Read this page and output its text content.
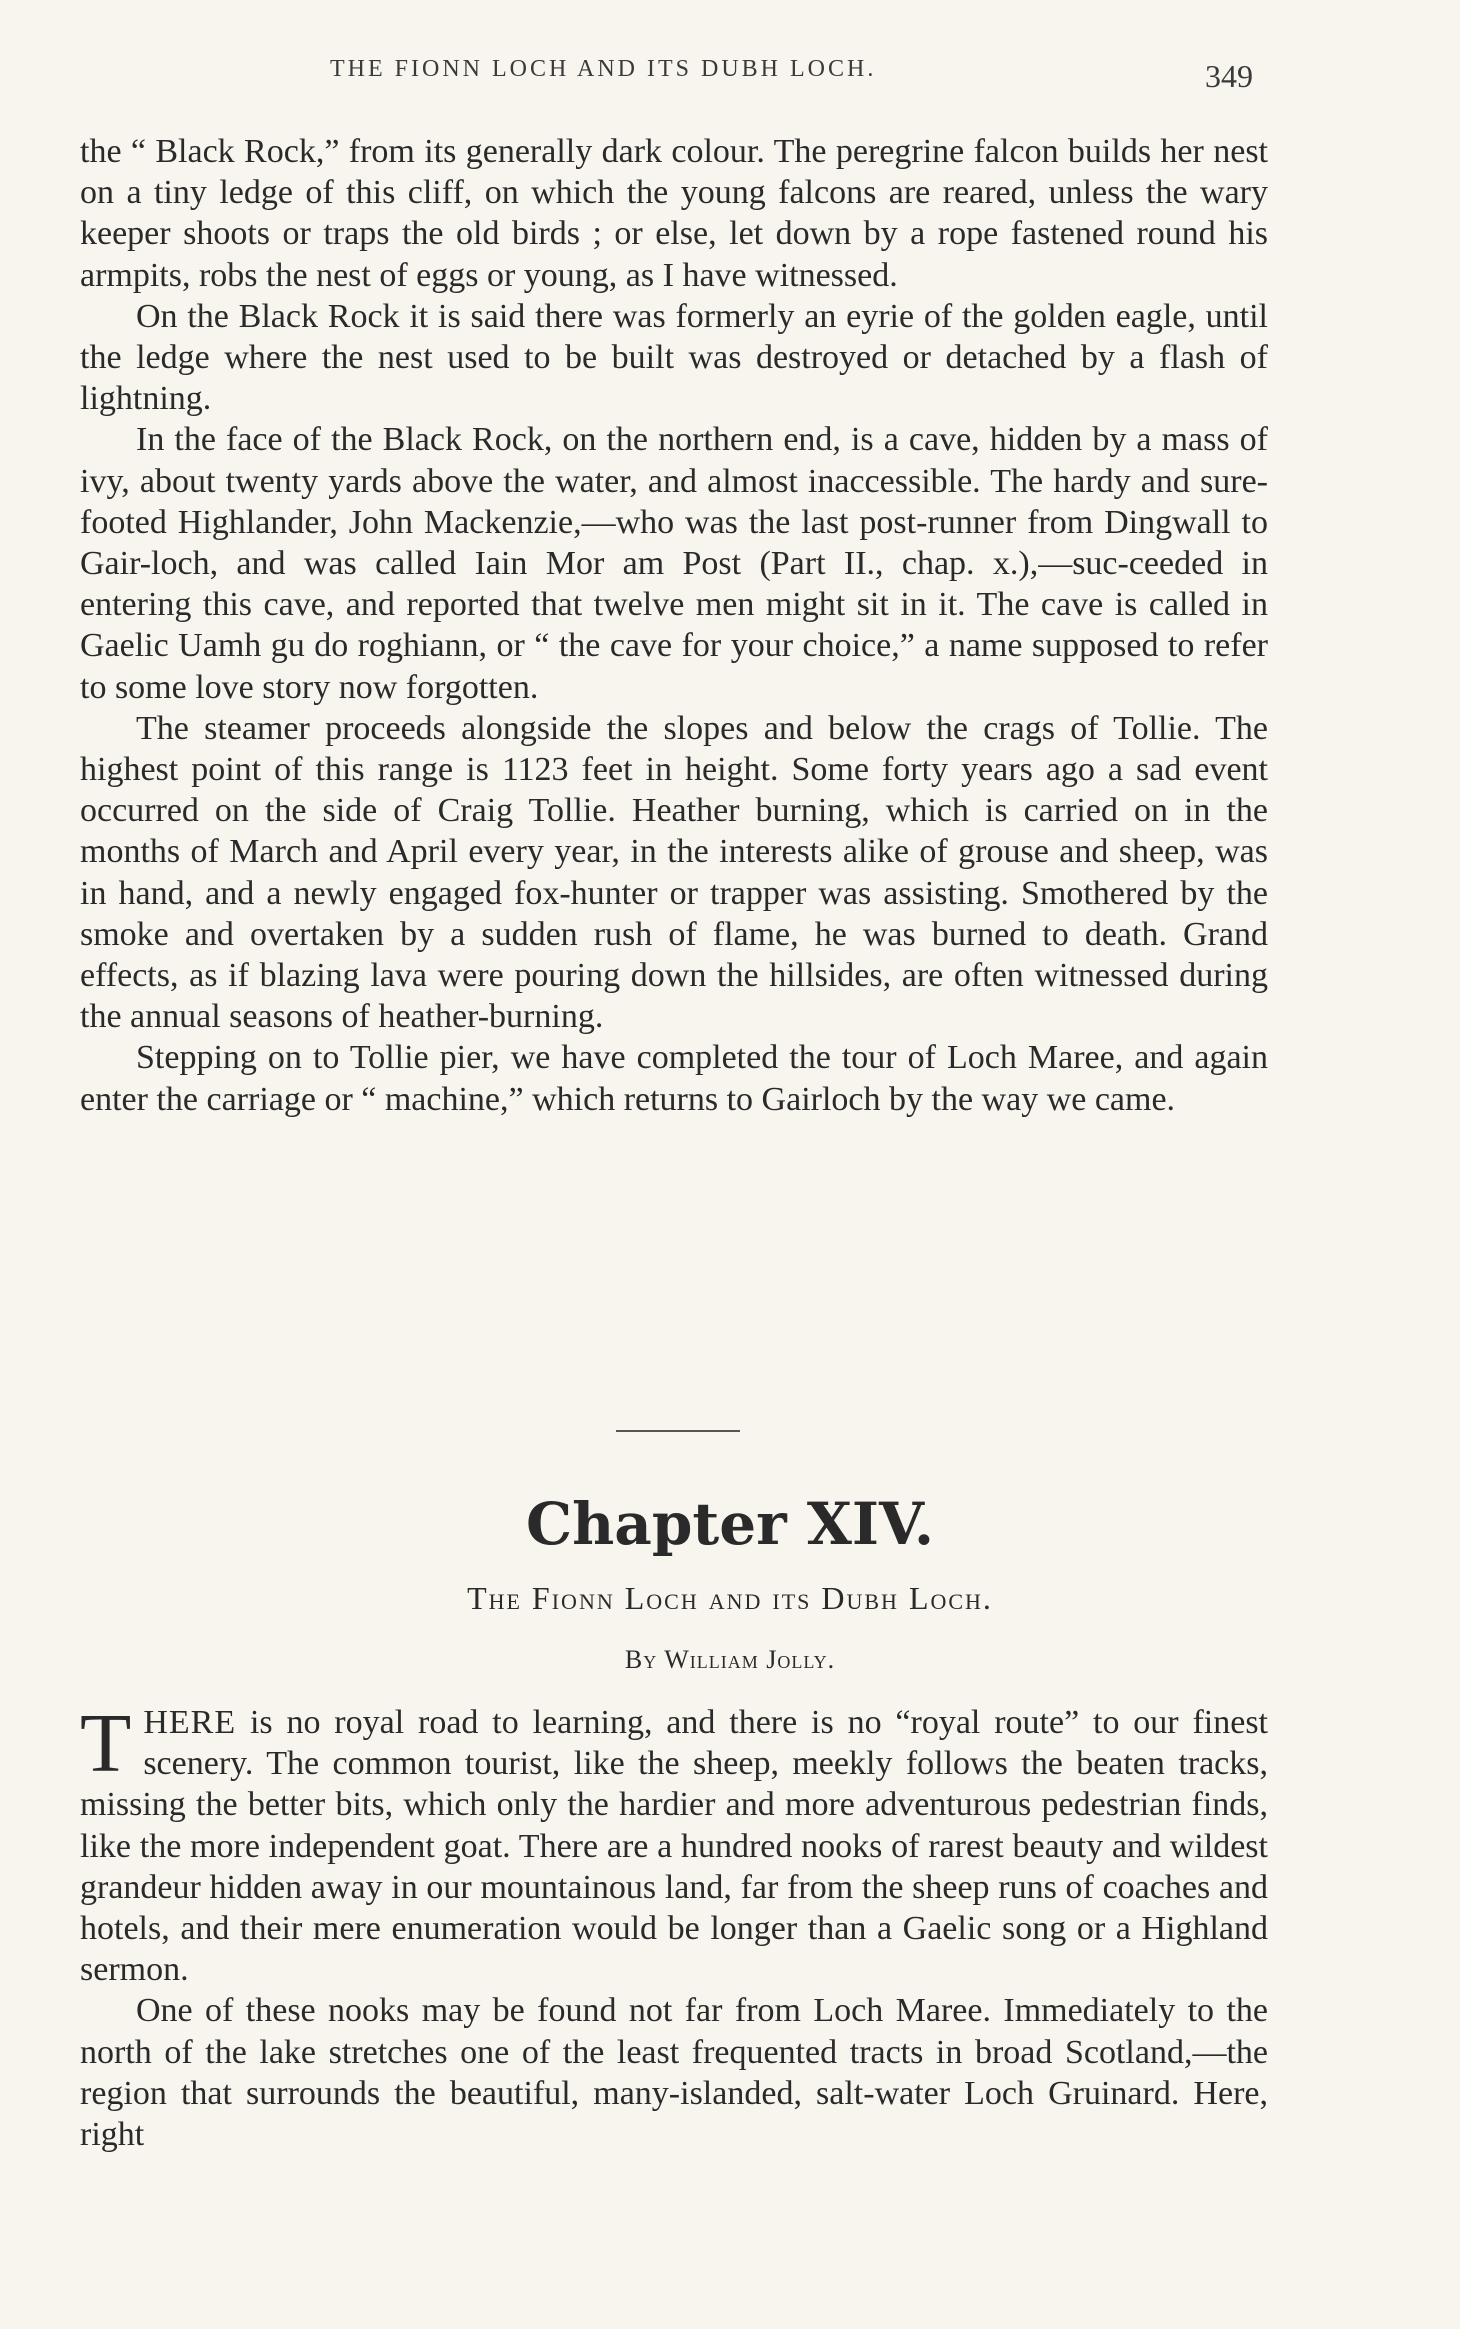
THE FIONN LOCH AND ITS DUBH LOCH.	349

the “ Black Rock,” from its generally dark colour. The peregrine falcon builds her nest on a tiny ledge of this cliff, on which the young falcons are reared, unless the wary keeper shoots or traps the old birds ; or else, let down by a rope fastened round his armpits, robs the nest of eggs or young, as I have witnessed.

On the Black Rock it is said there was formerly an eyrie of the golden eagle, until the ledge where the nest used to be built was destroyed or detached by a flash of lightning.

In the face of the Black Rock, on the northern end, is a cave, hidden by a mass of ivy, about twenty yards above the water, and almost inaccessible. The hardy and sure-footed Highlander, John Mackenzie,—who was the last post-runner from Dingwall to Gair-loch, and was called Iain Mor am Post (Part II., chap. x.),—suc-ceeded in entering this cave, and reported that twelve men might sit in it. The cave is called in Gaelic Uamh gu do roghiann, or “ the cave for your choice,” a name supposed to refer to some love story now forgotten.

The steamer proceeds alongside the slopes and below the crags of Tollie. The highest point of this range is 1123 feet in height. Some forty years ago a sad event occurred on the side of Craig Tollie. Heather burning, which is carried on in the months of March and April every year, in the interests alike of grouse and sheep, was in hand, and a newly engaged fox-hunter or trapper was assisting. Smothered by the smoke and overtaken by a sudden rush of flame, he was burned to death. Grand effects, as if blazing lava were pouring down the hillsides, are often witnessed during the annual seasons of heather-burning.

Stepping on to Tollie pier, we have completed the tour of Loch Maree, and again enter the carriage or “ machine,” which returns to Gairloch by the way we came.

Chapter XIV.
The Fionn Loch and its Dubh Loch.
By William Jolly.

THERE is no royal road to learning, and there is no “royal route” to our finest scenery. The common tourist, like the sheep, meekly follows the beaten tracks, missing the better bits, which only the hardier and more adventurous pedestrian finds, like the more independent goat. There are a hundred nooks of rarest beauty and wildest grandeur hidden away in our mountainous land, far from the sheep runs of coaches and hotels, and their mere enumeration would be longer than a Gaelic song or a Highland sermon.

One of these nooks may be found not far from Loch Maree. Immediately to the north of the lake stretches one of the least frequented tracts in broad Scotland,—the region that surrounds the beautiful, many-islanded, salt-water Loch Gruinard. Here, right
